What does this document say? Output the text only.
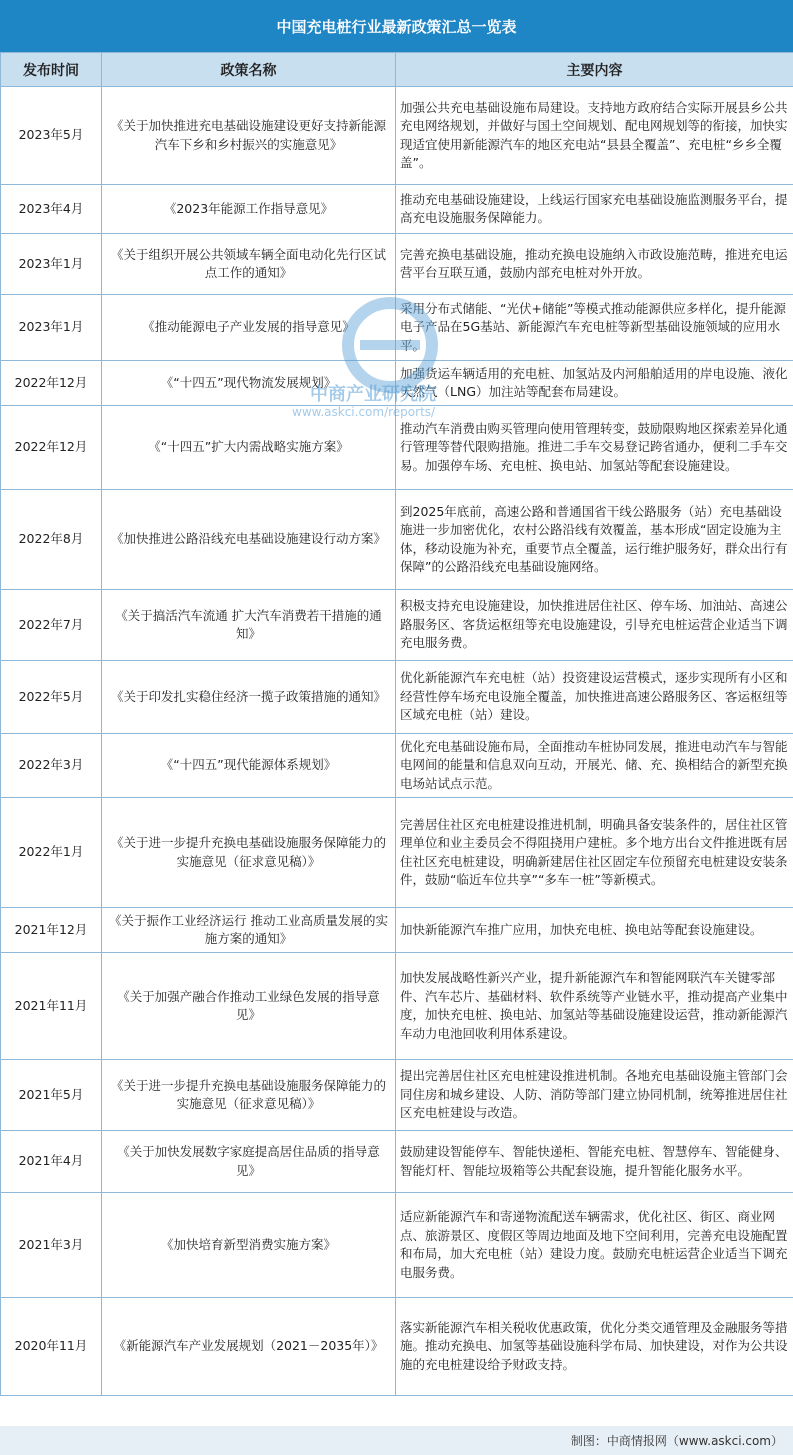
中国充电桩行业最新政策汇总一览表
发布时间	政策名称	主要内容
2023年5月	《关于加快推进充电基础设施建设更好支持新能源汽车下乡和乡村振兴的实施意见》	加强公共充电基础设施布局建设。支持地方政府结合实际开展县乡公共充电网络规划，并做好与国土空间规划、配电网规划等的衔接，加快实现适宜使用新能源汽车的地区充电站“县县全覆盖”、充电桩“乡乡全覆盖”。
2023年4月	《2023年能源工作指导意见》	推动充电基础设施建设，上线运行国家充电基础设施监测服务平台，提高充电设施服务保障能力。
2023年1月	《关于组织开展公共领域车辆全面电动化先行区试点工作的通知》	完善充换电基础设施，推动充换电设施纳入市政设施范畴，推进充电运营平台互联互通，鼓励内部充电桩对外开放。
2023年1月	《推动能源电子产业发展的指导意见》	采用分布式储能、“光伏+储能”等模式推动能源供应多样化，提升能源电子产品在5G基站、新能源汽车充电桩等新型基础设施领域的应用水平。
2022年12月	《“十四五”现代物流发展规划》	加强货运车辆适用的充电桩、加氢站及内河船舶适用的岸电设施、液化天然气（LNG）加注站等配套布局建设。
2022年12月	《“十四五”扩大内需战略实施方案》	推动汽车消费由购买管理向使用管理转变，鼓励限购地区探索差异化通行管理等替代限购措施。推进二手车交易登记跨省通办，便利二手车交易。加强停车场、充电桩、换电站、加氢站等配套设施建设。
2022年8月	《加快推进公路沿线充电基础设施建设行动方案》	到2025年底前，高速公路和普通国省干线公路服务（站）充电基础设施进一步加密优化，农村公路沿线有效覆盖，基本形成“固定设施为主体，移动设施为补充，重要节点全覆盖，运行维护服务好，群众出行有保障”的公路沿线充电基础设施网络。
2022年7月	《关于搞活汽车流通 扩大汽车消费若干措施的通知》	积极支持充电设施建设，加快推进居住社区、停车场、加油站、高速公路服务区、客货运枢纽等充电设施建设，引导充电桩运营企业适当下调充电服务费。
2022年5月	《关于印发扎实稳住经济一揽子政策措施的通知》	优化新能源汽车充电桩（站）投资建设运营模式，逐步实现所有小区和经营性停车场充电设施全覆盖，加快推进高速公路服务区、客运枢纽等区域充电桩（站）建设。
2022年3月	《“十四五”现代能源体系规划》	优化充电基础设施布局，全面推动车桩协同发展，推进电动汽车与智能电网间的能量和信息双向互动，开展光、储、充、换相结合的新型充换电场站试点示范。
2022年1月	《关于进一步提升充换电基础设施服务保障能力的实施意见（征求意见稿）》	完善居住社区充电桩建设推进机制，明确具备安装条件的，居住社区管理单位和业主委员会不得阻挠用户建桩。多个地方出台文件推进既有居住社区充电桩建设，明确新建居住社区固定车位预留充电桩建设安装条件，鼓励“临近车位共享”“多车一桩”等新模式。
2021年12月	《关于振作工业经济运行 推动工业高质量发展的实施方案的通知》	加快新能源汽车推广应用，加快充电桩、换电站等配套设施建设。
2021年11月	《关于加强产融合作推动工业绿色发展的指导意见》	加快发展战略性新兴产业，提升新能源汽车和智能网联汽车关键零部件、汽车芯片、基础材料、软件系统等产业链水平，推动提高产业集中度，加快充电桩、换电站、加氢站等基础设施建设运营，推动新能源汽车动力电池回收利用体系建设。
2021年5月	《关于进一步提升充换电基础设施服务保障能力的实施意见（征求意见稿）》	提出完善居住社区充电桩建设推进机制。各地充电基础设施主管部门会同住房和城乡建设、人防、消防等部门建立协同机制，统筹推进居住社区充电桩建设与改造。
2021年4月	《关于加快发展数字家庭提高居住品质的指导意见》	鼓励建设智能停车、智能快递柜、智能充电桩、智慧停车、智能健身、智能灯杆、智能垃圾箱等公共配套设施，提升智能化服务水平。
2021年3月	《加快培育新型消费实施方案》	适应新能源汽车和寄递物流配送车辆需求，优化社区、街区、商业网点、旅游景区、度假区等周边地面及地下空间利用，完善充电设施配置和布局，加大充电桩（站）建设力度。鼓励充电桩运营企业适当下调充电服务费。
2020年11月	《新能源汽车产业发展规划（2021－2035年）》	落实新能源汽车相关税收优惠政策，优化分类交通管理及金融服务等措施。推动充换电、加氢等基础设施科学布局、加快建设，对作为公共设施的充电桩建设给予财政支持。
中商产业研究院
www.askci.com/reports/
制图：中商情报网（www.askci.com）
